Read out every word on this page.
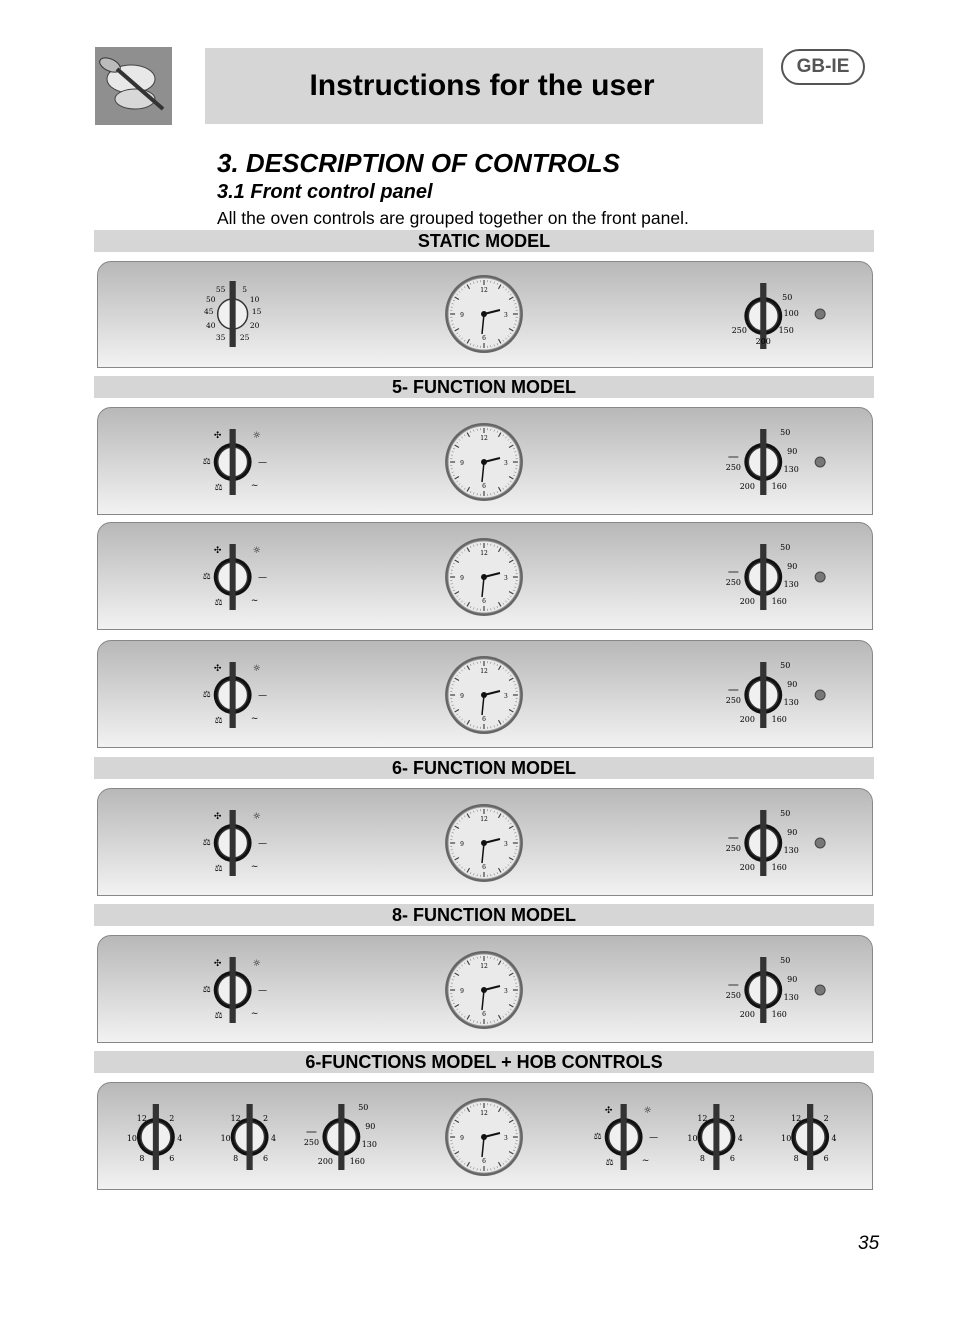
Instructions for the user
GB-IE
3. DESCRIPTION OF CONTROLS
3.1 Front control panel
All the oven controls are grouped together on the front panel.
STATIC MODEL
55 5
50	10
45	15
40	20
35 25
12
3
6
9
50
100
150
200
250
5- FUNCTION MODEL
✣	☼
⚖	—
⚖	~
12
3
6
9
50
90
130
160
200
250
✣	☼
⚖	—
⚖	~
12
3
6
9
50
90
130
160
200
250
✣	☼
⚖	—
⚖	~
12
3
6
9
50
90
130
160
200
250
6- FUNCTION MODEL
✣	☼
⚖	—
⚖	~
12
3
6
9
50
90
130
160
200
250
8- FUNCTION MODEL
✣	☼
⚖	—
⚖	~
12
3
6
9
50
90
130
160
200
250
6-FUNCTIONS MODEL + HOB CONTROLS
12	2
4
6
8
10
12	2
4
6
8
10
50
90
130
160
200
250
12
3
6
9
✣	☼
⚖	—
⚖	~
12	2
4
6
8
10
12	2
4
6
8
10
35
